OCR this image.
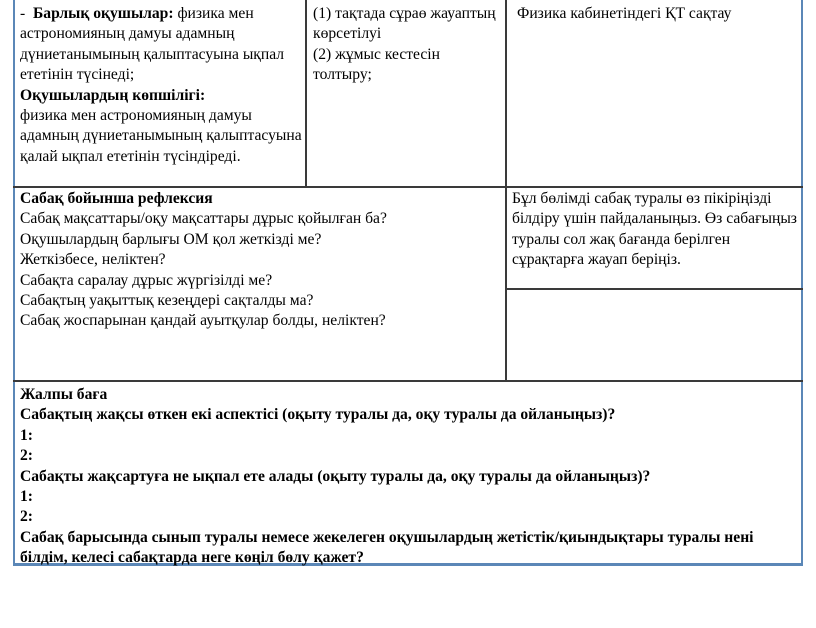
- Барлық оқушылар: физика мен астрономияның дамуы адамның дүниетанымының қалыптасуына ықпал ететінін түсінеді;

Оқушылардың көпшілігі:

физика мен астрономияның дамуы адамның дүниетанымының қалыптасуына қалай ықпал ететінін түсіндіреді.

(1) тақтада сұраө жауаптың көрсетілуі

(2) жұмыс кестесін толтыру;

Физика кабинетіндегі ҚТ сақтау

Сабақ бойынша рефлексия

Сабақ мақсаттары/оқу мақсаттары дұрыс қойылған ба?

Оқушылардың барлығы ОМ қол жеткізді ме?

Жеткізбесе, неліктен?

Сабақта саралау дұрыс жүргізілді ме?

Сабақтың уақыттық кезеңдері сақталды ма?

Сабақ жоспарынан қандай ауытқулар болды, неліктен?

Бұл бөлімді сабақ туралы өз пікіріңізді білдіру үшін пайдаланыңыз. Өз сабағыңыз туралы сол жақ бағанда берілген сұрақтарға жауап беріңіз.

Жалпы баға

Сабақтың жақсы өткен екі аспектісі (оқыту туралы да, оқу туралы да ойланыңыз)?

1:

2:

Сабақты жақсартуға не ықпал ете алады (оқыту туралы да, оқу туралы да ойланыңыз)?

1:

2:

Сабақ барысында сынып туралы немесе жекелеген оқушылардың жетістік/қиындықтары туралы нені білдім, келесі сабақтарда неге көңіл бөлу қажет?
